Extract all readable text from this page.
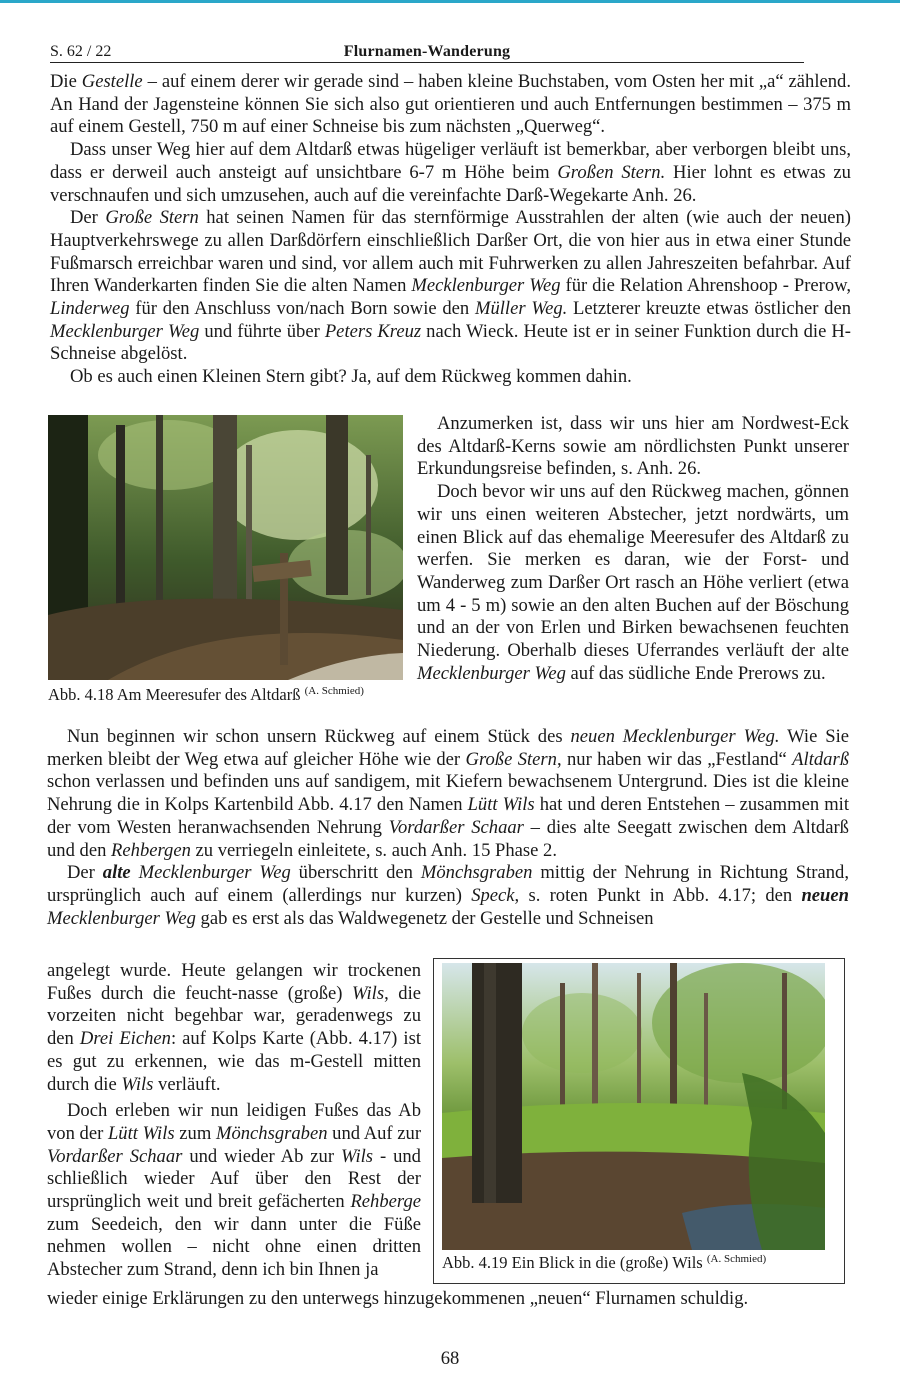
S. 62 / 22	Flurnamen-Wanderung

Die Gestelle – auf einem derer wir gerade sind – haben kleine Buchstaben, vom Osten her mit „a“ zählend. An Hand der Jagensteine können Sie sich also gut orientieren und auch Entfernungen bestimmen – 375 m auf einem Gestell, 750 m auf einer Schneise bis zum nächsten „Querweg“.

Dass unser Weg hier auf dem Altdarß etwas hügeliger verläuft ist bemerkbar, aber verborgen bleibt uns, dass er derweil auch ansteigt auf unsichtbare 6-7 m Höhe beim Großen Stern. Hier lohnt es etwas zu verschnaufen und sich umzusehen, auch auf die vereinfachte Darß-Wegekarte Anh. 26.

Der Große Stern hat seinen Namen für das sternförmige Ausstrahlen der alten (wie auch der neuen) Hauptverkehrswege zu allen Darßdörfern einschließlich Darßer Ort, die von hier aus in etwa einer Stunde Fußmarsch erreichbar waren und sind, vor allem auch mit Fuhrwerken zu allen Jahreszeiten befahrbar. Auf Ihren Wanderkarten finden Sie die alten Namen Mecklenburger Weg für die Relation Ahrenshoop - Prerow, Linderweg für den Anschluss von/nach Born sowie den Müller Weg. Letzterer kreuzte etwas östlicher den Mecklenburger Weg und führte über Peters Kreuz nach Wieck. Heute ist er in seiner Funktion durch die H-Schneise abgelöst.

Ob es auch einen Kleinen Stern gibt? Ja, auf dem Rückweg kommen dahin.

Abb. 4.18 Am Meeresufer des Altdarß $^{(A. Schmied)}$

Anzumerken ist, dass wir uns hier am Nordwest-Eck des Altdarß-Kerns sowie am nördlichsten Punkt unserer Erkundungsreise befinden, s. Anh. 26.

Doch bevor wir uns auf den Rückweg machen, gönnen wir uns einen weiteren Abstecher, jetzt nordwärts, um einen Blick auf das ehemalige Meeresufer des Altdarß zu werfen. Sie merken es daran, wie der Forst- und Wanderweg zum Darßer Ort rasch an Höhe verliert (etwa um 4 - 5 m) sowie an den alten Buchen auf der Böschung und an der von Erlen und Birken bewachsenen feuchten Niederung. Oberhalb dieses Uferrandes verläuft der alte Mecklenburger Weg auf das südliche Ende Prerows zu.

Nun beginnen wir schon unsern Rückweg auf einem Stück des neuen Mecklenburger Weg. Wie Sie merken bleibt der Weg etwa auf gleicher Höhe wie der Große Stern, nur haben wir das „Festland“ Altdarß schon verlassen und befinden uns auf sandigem, mit Kiefern bewachsenem Untergrund. Dies ist die kleine Nehrung die in Kolps Kartenbild Abb. 4.17 den Namen Lütt Wils hat und deren Entstehen – zusammen mit der vom Westen heranwachsenden Nehrung Vordarßer Schaar – dies alte Seegatt zwischen dem Altdarß und den Rehbergen zu verriegeln einleitete, s. auch Anh. 15 Phase 2.

Der alte Mecklenburger Weg überschritt den Mönchsgraben mittig der Nehrung in Richtung Strand, ursprünglich auch auf einem (allerdings nur kurzen) Speck, s. roten Punkt in Abb. 4.17; den neuen Mecklenburger Weg gab es erst als das Waldwegenetz der Gestelle und Schneisen

angelegt wurde. Heute gelangen wir trockenen Fußes durch die feucht-nasse (große) Wils, die vorzeiten nicht begehbar war, geradenwegs zu den Drei Eichen: auf Kolps Karte (Abb. 4.17) ist es gut zu erkennen, wie das m-Gestell mitten durch die Wils verläuft.

Doch erleben wir nun leidigen Fußes das Ab von der Lütt Wils zum Mönchsgraben und Auf zur Vordarßer Schaar und wieder Ab zur Wils - und schließlich wieder Auf über den Rest der ursprünglich weit und breit gefächerten Rehberge zum Seedeich, den wir dann unter die Füße nehmen wollen – nicht ohne einen dritten Abstecher zum Strand, denn ich bin Ihnen ja	Abb. 4.19 Ein Blick in die (große) Wils $^{(A. Schmied)}$

wieder einige Erklärungen zu den unterwegs hinzugekommenen „neuen“ Flurnamen schuldig.

68
